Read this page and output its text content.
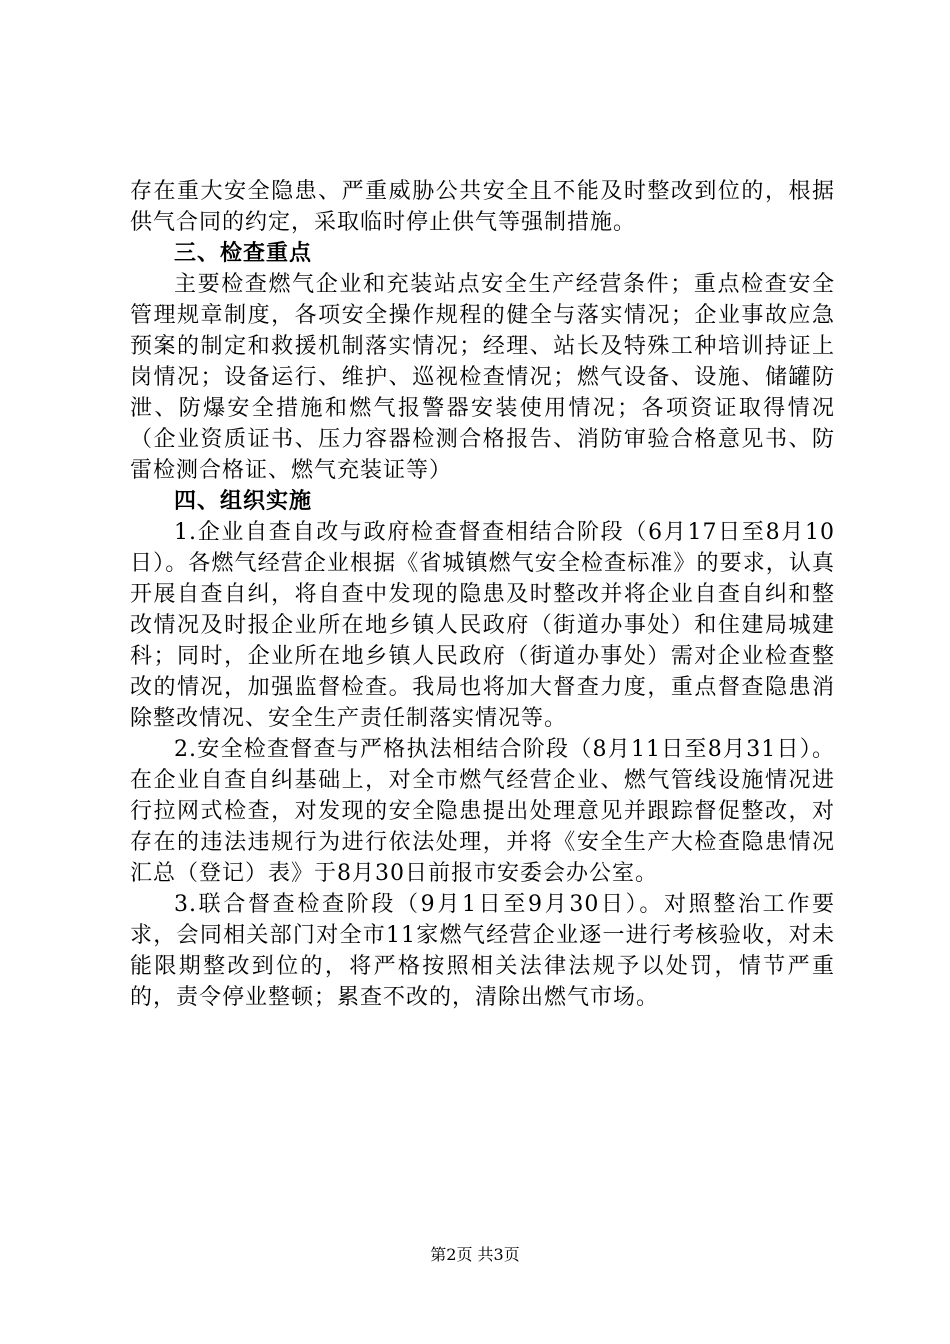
存在重大安全隐患、严重威胁公共安全且不能及时整改到位的，根据供气合同的约定，采取临时停止供气等强制措施。

三、检查重点

主要检查燃气企业和充装站点安全生产经营条件；重点检查安全管理规章制度，各项安全操作规程的健全与落实情况；企业事故应急预案的制定和救援机制落实情况；经理、站长及特殊工种培训持证上岗情况；设备运行、维护、巡视检查情况；燃气设备、设施、储罐防泄、防爆安全措施和燃气报警器安装使用情况；各项资证取得情况（企业资质证书、压力容器检测合格报告、消防审验合格意见书、防雷检测合格证、燃气充装证等）

四、组织实施

1.企业自查自改与政府检查督查相结合阶段（6月17日至8月10日）。各燃气经营企业根据《省城镇燃气安全检查标准》的要求，认真开展自查自纠，将自查中发现的隐患及时整改并将企业自查自纠和整改情况及时报企业所在地乡镇人民政府（街道办事处）和住建局城建科；同时，企业所在地乡镇人民政府（街道办事处）需对企业检查整改的情况，加强监督检查。我局也将加大督查力度，重点督查隐患消除整改情况、安全生产责任制落实情况等。

2.安全检查督查与严格执法相结合阶段（8月11日至8月31日）。在企业自查自纠基础上，对全市燃气经营企业、燃气管线设施情况进行拉网式检查，对发现的安全隐患提出处理意见并跟踪督促整改，对存在的违法违规行为进行依法处理，并将《安全生产大检查隐患情况汇总（登记）表》于8月30日前报市安委会办公室。

3.联合督查检查阶段（9月1日至9月30日）。对照整治工作要求，会同相关部门对全市11家燃气经营企业逐一进行考核验收，对未能限期整改到位的，将严格按照相关法律法规予以处罚，情节严重的，责令停业整顿；累查不改的，清除出燃气市场。

第2页 共3页
